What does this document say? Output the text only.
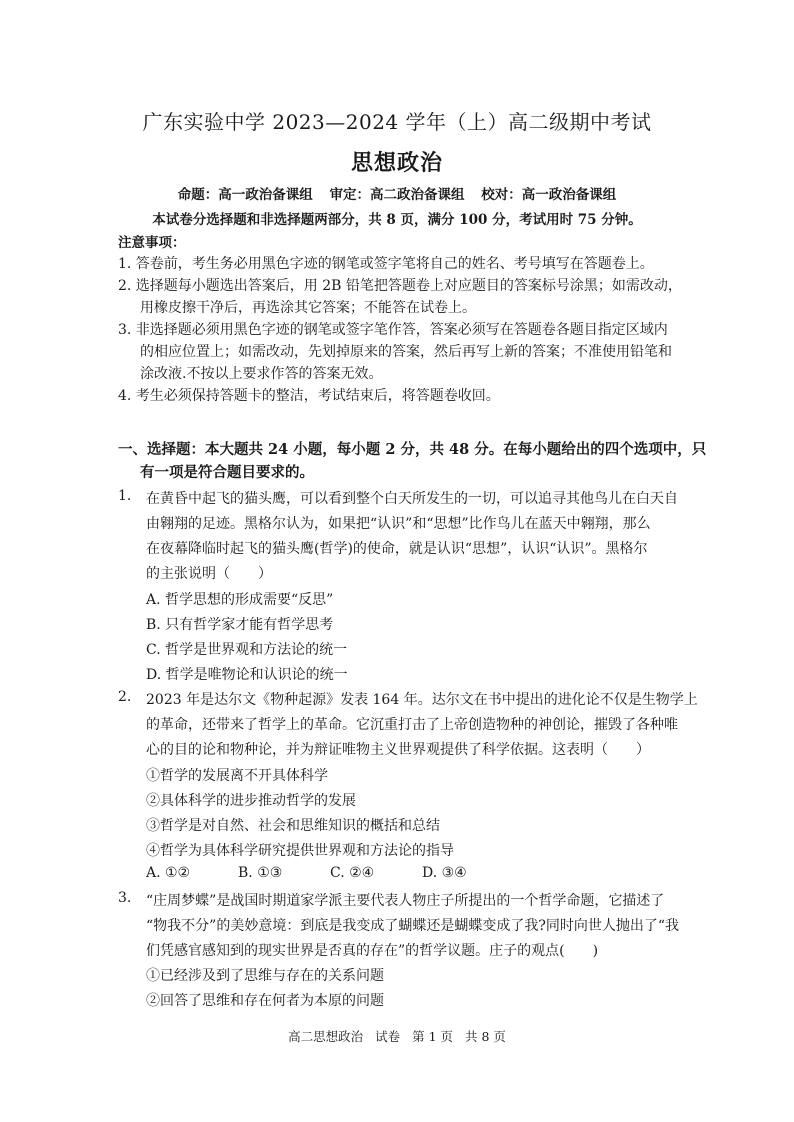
广东实验中学 2023—2024 学年（上）高二级期中考试
思想政治
命题：高一政治备课组 审定：高二政治备课组 校对：高一政治备课组
本试卷分选择题和非选择题两部分，共 8 页，满分 100 分，考试用时 75 分钟。
注意事项：
1. 答卷前，考生务必用黑色字迹的钢笔或签字笔将自己的姓名、考号填写在答题卷上。
2. 选择题每小题选出答案后，用 2B 铅笔把答题卷上对应题目的答案标号涂黑；如需改动，
用橡皮擦干净后，再选涂其它答案；不能答在试卷上。
3. 非选择题必须用黑色字迹的钢笔或签字笔作答，答案必须写在答题卷各题目指定区域内
的相应位置上；如需改动，先划掉原来的答案，然后再写上新的答案；不准使用铅笔和
涂改液.不按以上要求作答的答案无效。
4. 考生必须保持答题卡的整洁，考试结束后，将答题卷收回。
一、选择题：本大题共 24 小题，每小题 2 分，共 48 分。在每小题给出的四个选项中，只
有一项是符合题目要求的。
1. 在黄昏中起飞的猫头鹰，可以看到整个白天所发生的一切，可以追寻其他鸟儿在白天自
由翱翔的足迹。黑格尔认为，如果把“认识”和“思想”比作鸟儿在蓝天中翱翔，那么
在夜幕降临时起飞的猫头鹰(哲学)的使命，就是认识“思想”，认识“认识”。黑格尔
的主张说明（　　）
A. 哲学思想的形成需要“反思”
B. 只有哲学家才能有哲学思考
C. 哲学是世界观和方法论的统一
D. 哲学是唯物论和认识论的统一
2. 2023 年是达尔文《物种起源》发表 164 年。达尔文在书中提出的进化论不仅是生物学上
的革命，还带来了哲学上的革命。它沉重打击了上帝创造物种的神创论，摧毁了各种唯
心的目的论和物种论，并为辩证唯物主义世界观提供了科学依据。这表明（　　）
①哲学的发展离不开具体科学
②具体科学的进步推动哲学的发展
③哲学是对自然、社会和思维知识的概括和总结
④哲学为具体科学研究提供世界观和方法论的指导
A. ①②	B. ①③	C. ②④	D. ③④
3. “庄周梦蝶”是战国时期道家学派主要代表人物庄子所提出的一个哲学命题，它描述了
“物我不分”的美妙意境：到底是我变成了蝴蝶还是蝴蝶变成了我?同时向世人抛出了“我
们凭感官感知到的现实世界是否真的存在”的哲学议题。庄子的观点(　　)
①已经涉及到了思维与存在的关系问题
②回答了思维和存在何者为本原的问题
高二思想政治 试卷 第 1 页 共 8 页
